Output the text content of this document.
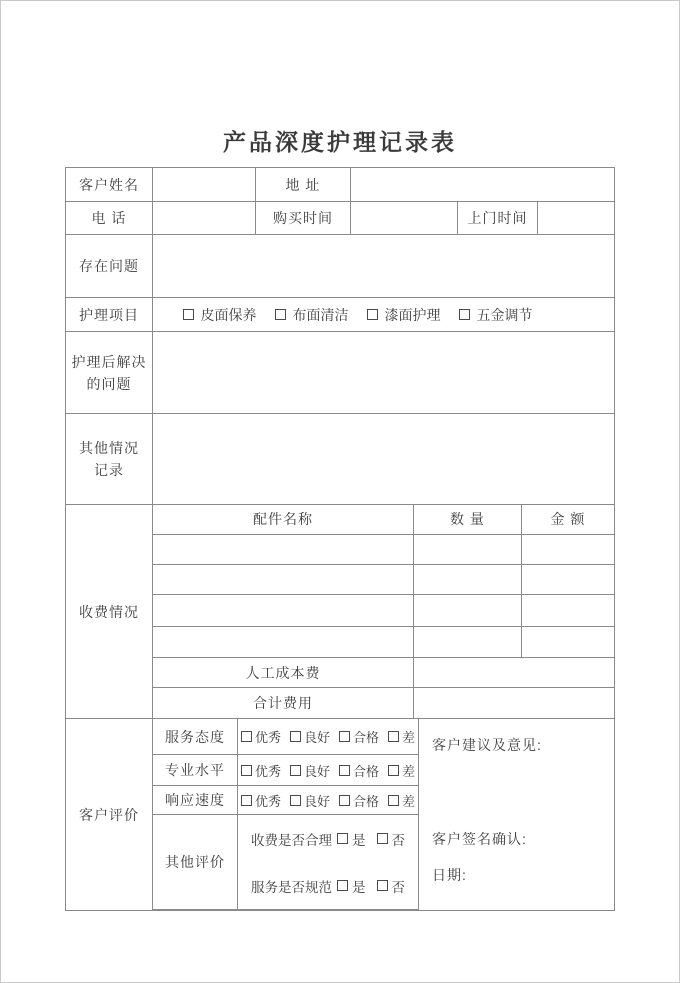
产品深度护理记录表
客户姓名	地 址
电 话	购买时间	上门时间
存在问题
护理项目	皮面保养	布面清洁	漆面护理	五金调节
护理后解决
的问题
其他情况
记录
收费情况
配件名称	数 量	金 额
人工成本费
合计费用
客户评价
服务态度	优秀 良好 合格 差
专业水平	优秀 良好 合格 差
响应速度	优秀 良好 合格 差
其他评价
收费是否合理 是 否
服务是否规范 是 否
客户建议及意见:
客户签名确认:
日期:
